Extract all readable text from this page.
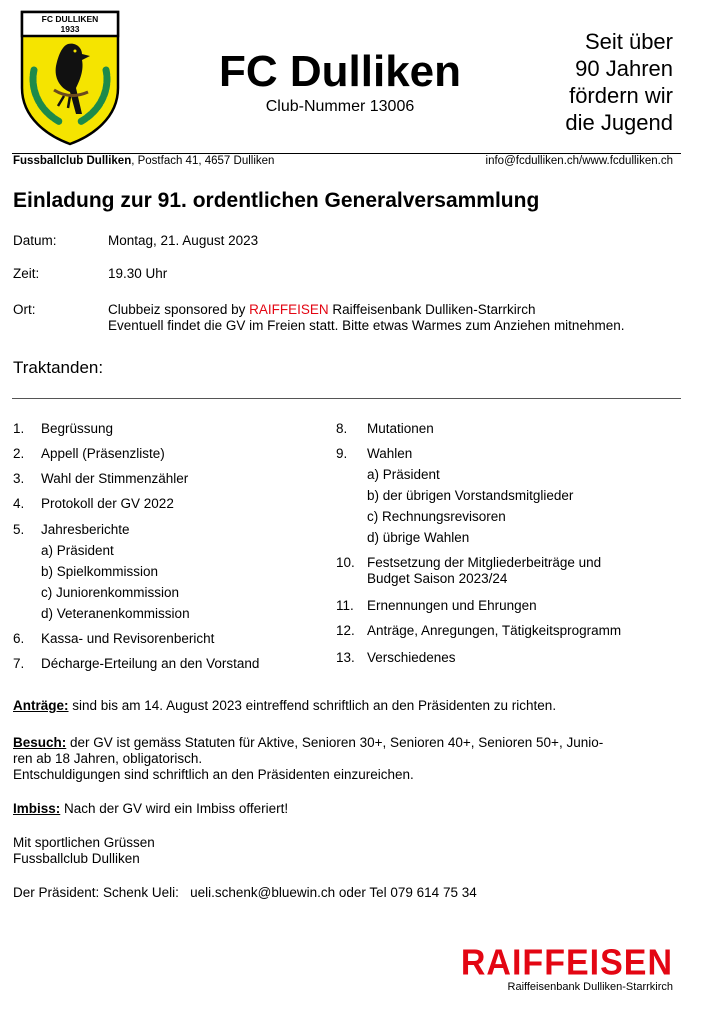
FC DULLIKEN
1933
FC Dulliken
Club-Nummer 13006
Seit über
90 Jahren
fördern wir
die Jugend
Fussballclub Dulliken, Postfach 41, 4657 Dulliken	info@fcdulliken.ch/www.fcdulliken.ch
Einladung zur 91. ordentlichen Generalversammlung
Datum:	Montag, 21. August 2023
Zeit:	19.30 Uhr
Ort:	Clubbeiz sponsored by RAIFFEISEN Raiffeisenbank Dulliken-Starrkirch
Eventuell findet die GV im Freien statt. Bitte etwas Warmes zum Anziehen mitnehmen.
Traktanden:
1. Begrüssung
2. Appell (Präsenzliste)
3. Wahl der Stimmenzähler
4. Protokoll der GV 2022
5. Jahresberichte
a) Präsident
b) Spielkommission
c) Juniorenkommission
d) Veteranenkommission
6. Kassa- und Revisorenbericht
7. Décharge-Erteilung an den Vorstand
8. Mutationen
9. Wahlen
a) Präsident
b) der übrigen Vorstandsmitglieder
c) Rechnungsrevisoren
d) übrige Wahlen
10. Festsetzung der Mitgliederbeiträge und
Budget Saison 2023/24
11. Ernennungen und Ehrungen
12. Anträge, Anregungen, Tätigkeitsprogramm
13. Verschiedenes
Anträge: sind bis am 14. August 2023 eintreffend schriftlich an den Präsidenten zu richten.
Besuch: der GV ist gemäss Statuten für Aktive, Senioren 30+, Senioren 40+, Senioren 50+, Junio-
ren ab 18 Jahren, obligatorisch.
Entschuldigungen sind schriftlich an den Präsidenten einzureichen.
Imbiss: Nach der GV wird ein Imbiss offeriert!
Mit sportlichen Grüssen
Fussballclub Dulliken
Der Präsident: Schenk Ueli:   ueli.schenk@bluewin.ch oder Tel 079 614 75 34
RAIFFEISEN
Raiffeisenbank Dulliken-Starrkirch
